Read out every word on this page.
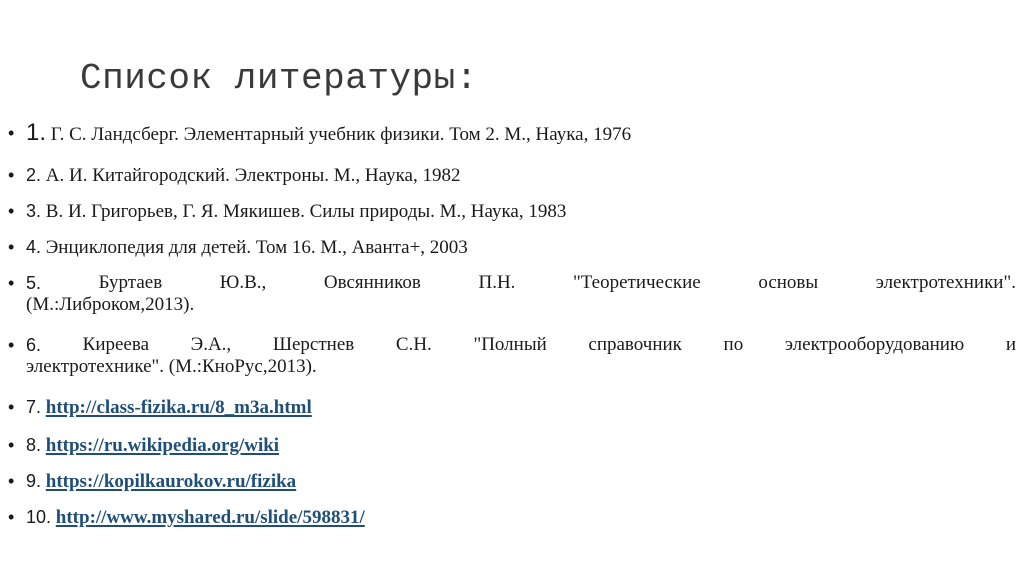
Список литературы:
• 1. Г. С. Ландсберг. Элементарный учебник физики. Том 2. М., Наука, 1976
• 2. А. И. Китайгородский. Электроны. М., Наука, 1982
• 3. В. И. Григорьев, Г. Я. Мякишев. Силы природы. М., Наука, 1983
• 4. Энциклопедия для детей. Том 16. М., Аванта+, 2003
• 5.	Буртаев	Ю.В.,	Овсянников	П.Н.	"Теоретические	основы	электротехники".
(М.:Либроком,2013).
• 6. Киреева Э.А., Шерстнев С.Н. "Полный справочник по электрооборудованию и
электротехнике". (М.:КноРус,2013).
• 7. http://class-fizika.ru/8_m3a.html
• 8. https://ru.wikipedia.org/wiki
• 9. https://kopilkaurokov.ru/fizika
• 10. http://www.myshared.ru/slide/598831/
